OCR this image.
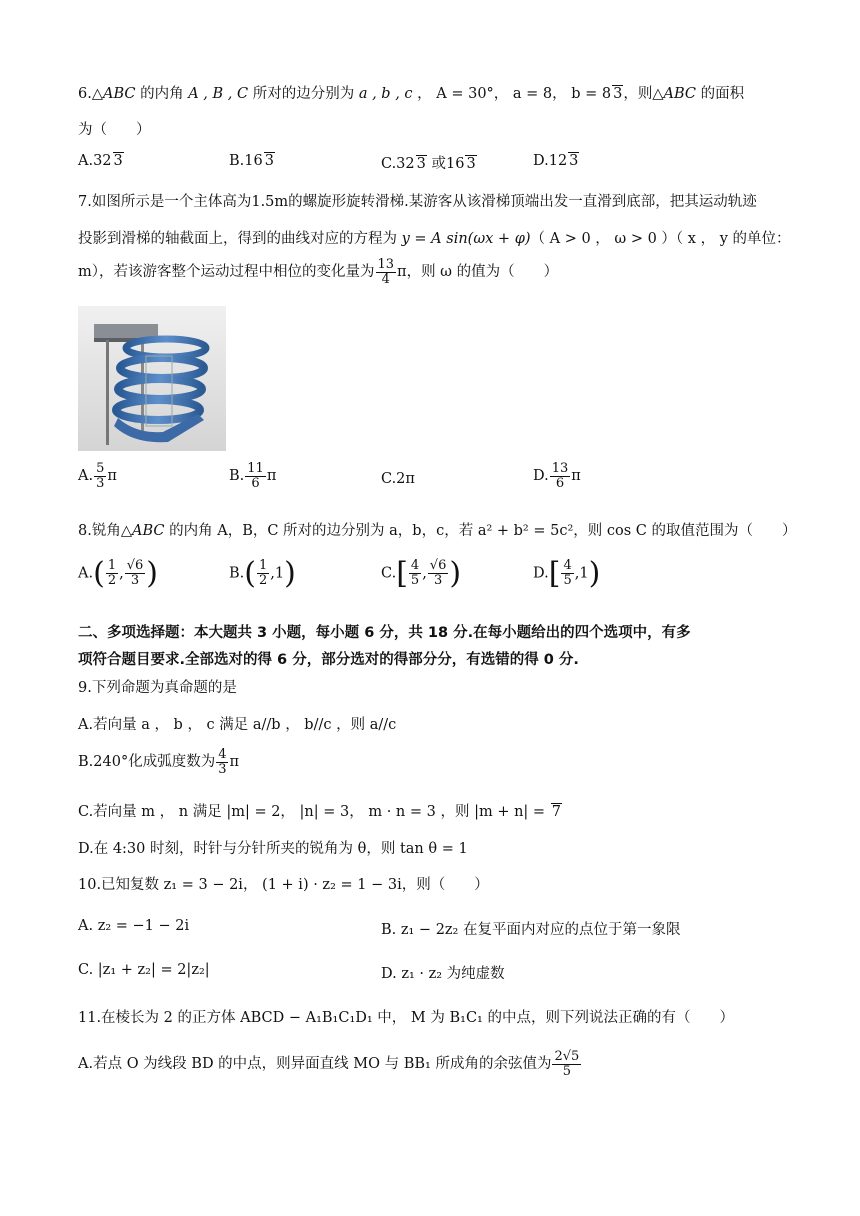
6.△ABC 的内角 A , B , C 所对的边分别为 a , b , c ， A = 30°， a = 8， b = 8 3，则△ABC 的面积
为（　　）
A.32 3	B.16 3	C.32 3 或16 3	D.12 3
7.如图所示是一个主体高为1.5m的螺旋形旋转滑梯.某游客从该滑梯顶端出发一直滑到底部，把其运动轨迹
投影到滑梯的轴截面上，得到的曲线对应的方程为 y = A sin(ωx + φ)（ A > 0 ， ω > 0 ）（ x ， y 的单位：
m），若该游客整个运动过程中相位的变化量为 $\frac{13}{4}$ π，则 ω 的值为（　　）
A. $\frac{5}{3}$ π	B. $\frac{11}{6}$ π	C.2π	D. $\frac{13}{6}$ π
8.锐角△ABC 的内角 A，B，C 所对的边分别为 a，b，c，若 a² + b² = 5c²，则 cos C 的取值范围为（　　）
$A.( \frac{1}{2}$ , $\frac{√6}{3}$ )	$B.( \frac{1}{2} ,1)$	$C.[ \frac{4}{5}$ , $\frac{√6}{3}$ )	$D.[ \frac{4}{5} ,1)$
二、多项选择题：本大题共 3 小题，每小题 6 分，共 18 分.在每小题给出的四个选项中，有多
项符合题目要求.全部选对的得 6 分，部分选对的得部分分，有选错的得 0 分.
9.下列命题为真命题的是
A.若向量 a ， b ， c 满足 a//b ， b//c ，则 a//c
B.240°化成弧度数为 $\frac{4}{3}$ π
C.若向量 m ， n 满足 |m| = 2， |n| = 3， m · n = 3 ，则 |m + n| = 7
D.在 4:30 时刻，时针与分针所夹的锐角为 θ，则 tan θ = 1
10.已知复数 z₁ = 3 − 2i， (1 + i) · z₂ = 1 − 3i，则（　　）
A. z₂ = −1 − 2i	B. z₁ − 2z₂ 在复平面内对应的点位于第一象限
C. |z₁ + z₂| = 2|z₂|	D. z₁ · z₂ 为纯虚数
11.在棱长为 2 的正方体 ABCD − A₁B₁C₁D₁ 中， M 为 B₁C₁ 的中点，则下列说法正确的有（　　）
A.若点 O 为线段 BD 的中点，则异面直线 MO 与 BB₁ 所成角的余弦值为 $\frac{2√5}{5}$
